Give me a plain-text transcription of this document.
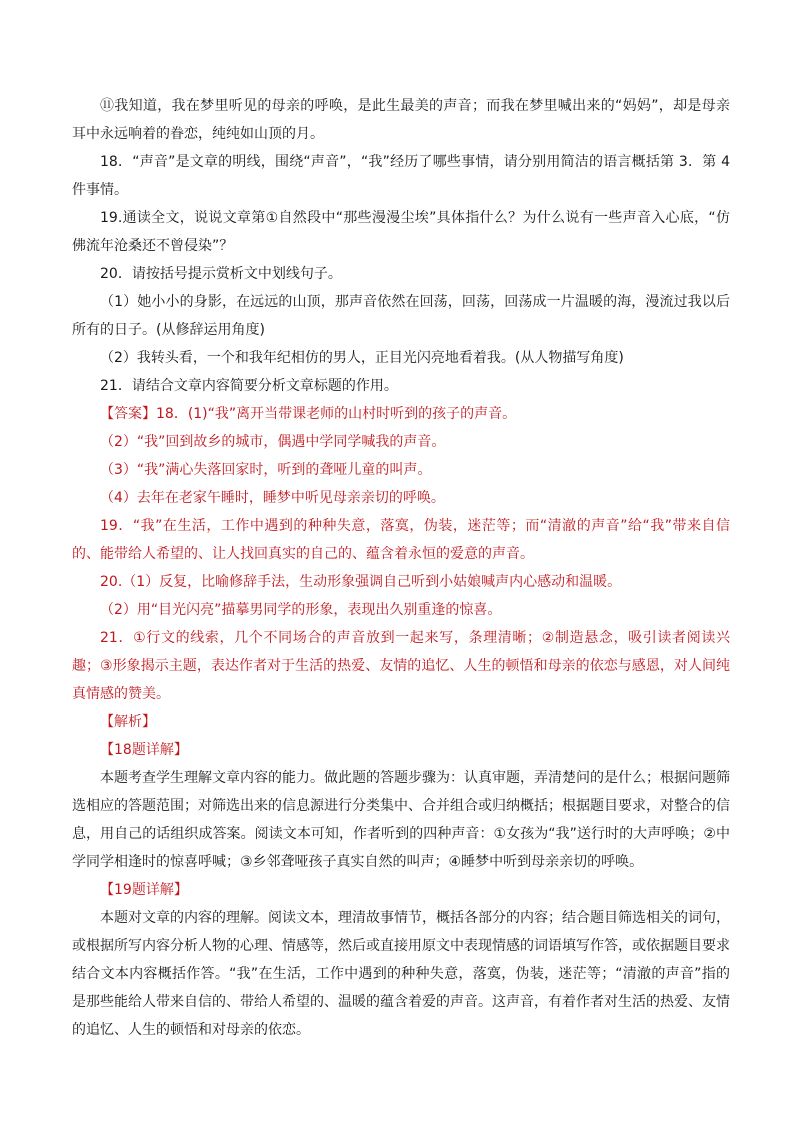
⑪我知道，我在梦里听见的母亲的呼唤，是此生最美的声音；而我在梦里喊出来的“妈妈”，却是母亲耳中永远响着的眷恋，纯纯如山顶的月。

18．“声音”是文章的明线，围绕“声音”，“我”经历了哪些事情，请分别用简洁的语言概括第 3．第 4 件事情。

19.通读全文，说说文章第①自然段中“那些漫漫尘埃”具体指什么？为什么说有一些声音入心底，“仿佛流年沧桑还不曾侵染”？

20．请按括号提示赏析文中划线句子。

（1）她小小的身影，在远远的山顶，那声音依然在回荡，回荡，回荡成一片温暖的海，漫流过我以后所有的日子。(从修辞运用角度)

（2）我转头看，一个和我年纪相仿的男人，正目光闪亮地看着我。(从人物描写角度)

21．请结合文章内容简要分析文章标题的作用。

【答案】18．(1)“我”离开当带课老师的山村时听到的孩子的声音。

（2）“我”回到故乡的城市，偶遇中学同学喊我的声音。

（3）“我”满心失落回家时，听到的聋哑儿童的叫声。

（4）去年在老家午睡时，睡梦中听见母亲亲切的呼唤。

19．“我”在生活，工作中遇到的种种失意，落寞，伪装，迷茫等；而“清澈的声音”给“我”带来自信的、能带给人希望的、让人找回真实的自己的、蕴含着永恒的爱意的声音。

20.（1）反复，比喻修辞手法，生动形象强调自己听到小姑娘喊声内心感动和温暖。

（2）用“目光闪亮”描摹男同学的形象，表现出久别重逢的惊喜。

21．①行文的线索，几个不同场合的声音放到一起来写，条理清晰；②制造悬念，吸引读者阅读兴趣；③形象揭示主题，表达作者对于生活的热爱、友情的追忆、人生的顿悟和母亲的依恋与感恩，对人间纯真情感的赞美。

【解析】

【18题详解】

本题考查学生理解文章内容的能力。做此题的答题步骤为：认真审题，弄清楚问的是什么；根据问题筛选相应的答题范围；对筛选出来的信息源进行分类集中、合并组合或归纳概括；根据题目要求，对整合的信息，用自己的话组织成答案。阅读文本可知，作者听到的四种声音：①女孩为“我”送行时的大声呼唤；②中学同学相逢时的惊喜呼喊；③乡邻聋哑孩子真实自然的叫声；④睡梦中听到母亲亲切的呼唤。

【19题详解】

本题对文章的内容的理解。阅读文本，理清故事情节，概括各部分的内容；结合题目筛选相关的词句，或根据所写内容分析人物的心理、情感等，然后或直接用原文中表现情感的词语填写作答，或依据题目要求结合文本内容概括作答。“我”在生活，工作中遇到的种种失意，落寞，伪装，迷茫等；“清澈的声音”指的是那些能给人带来自信的、带给人希望的、温暖的蕴含着爱的声音。这声音，有着作者对生活的热爱、友情的追忆、人生的顿悟和对母亲的依恋。
